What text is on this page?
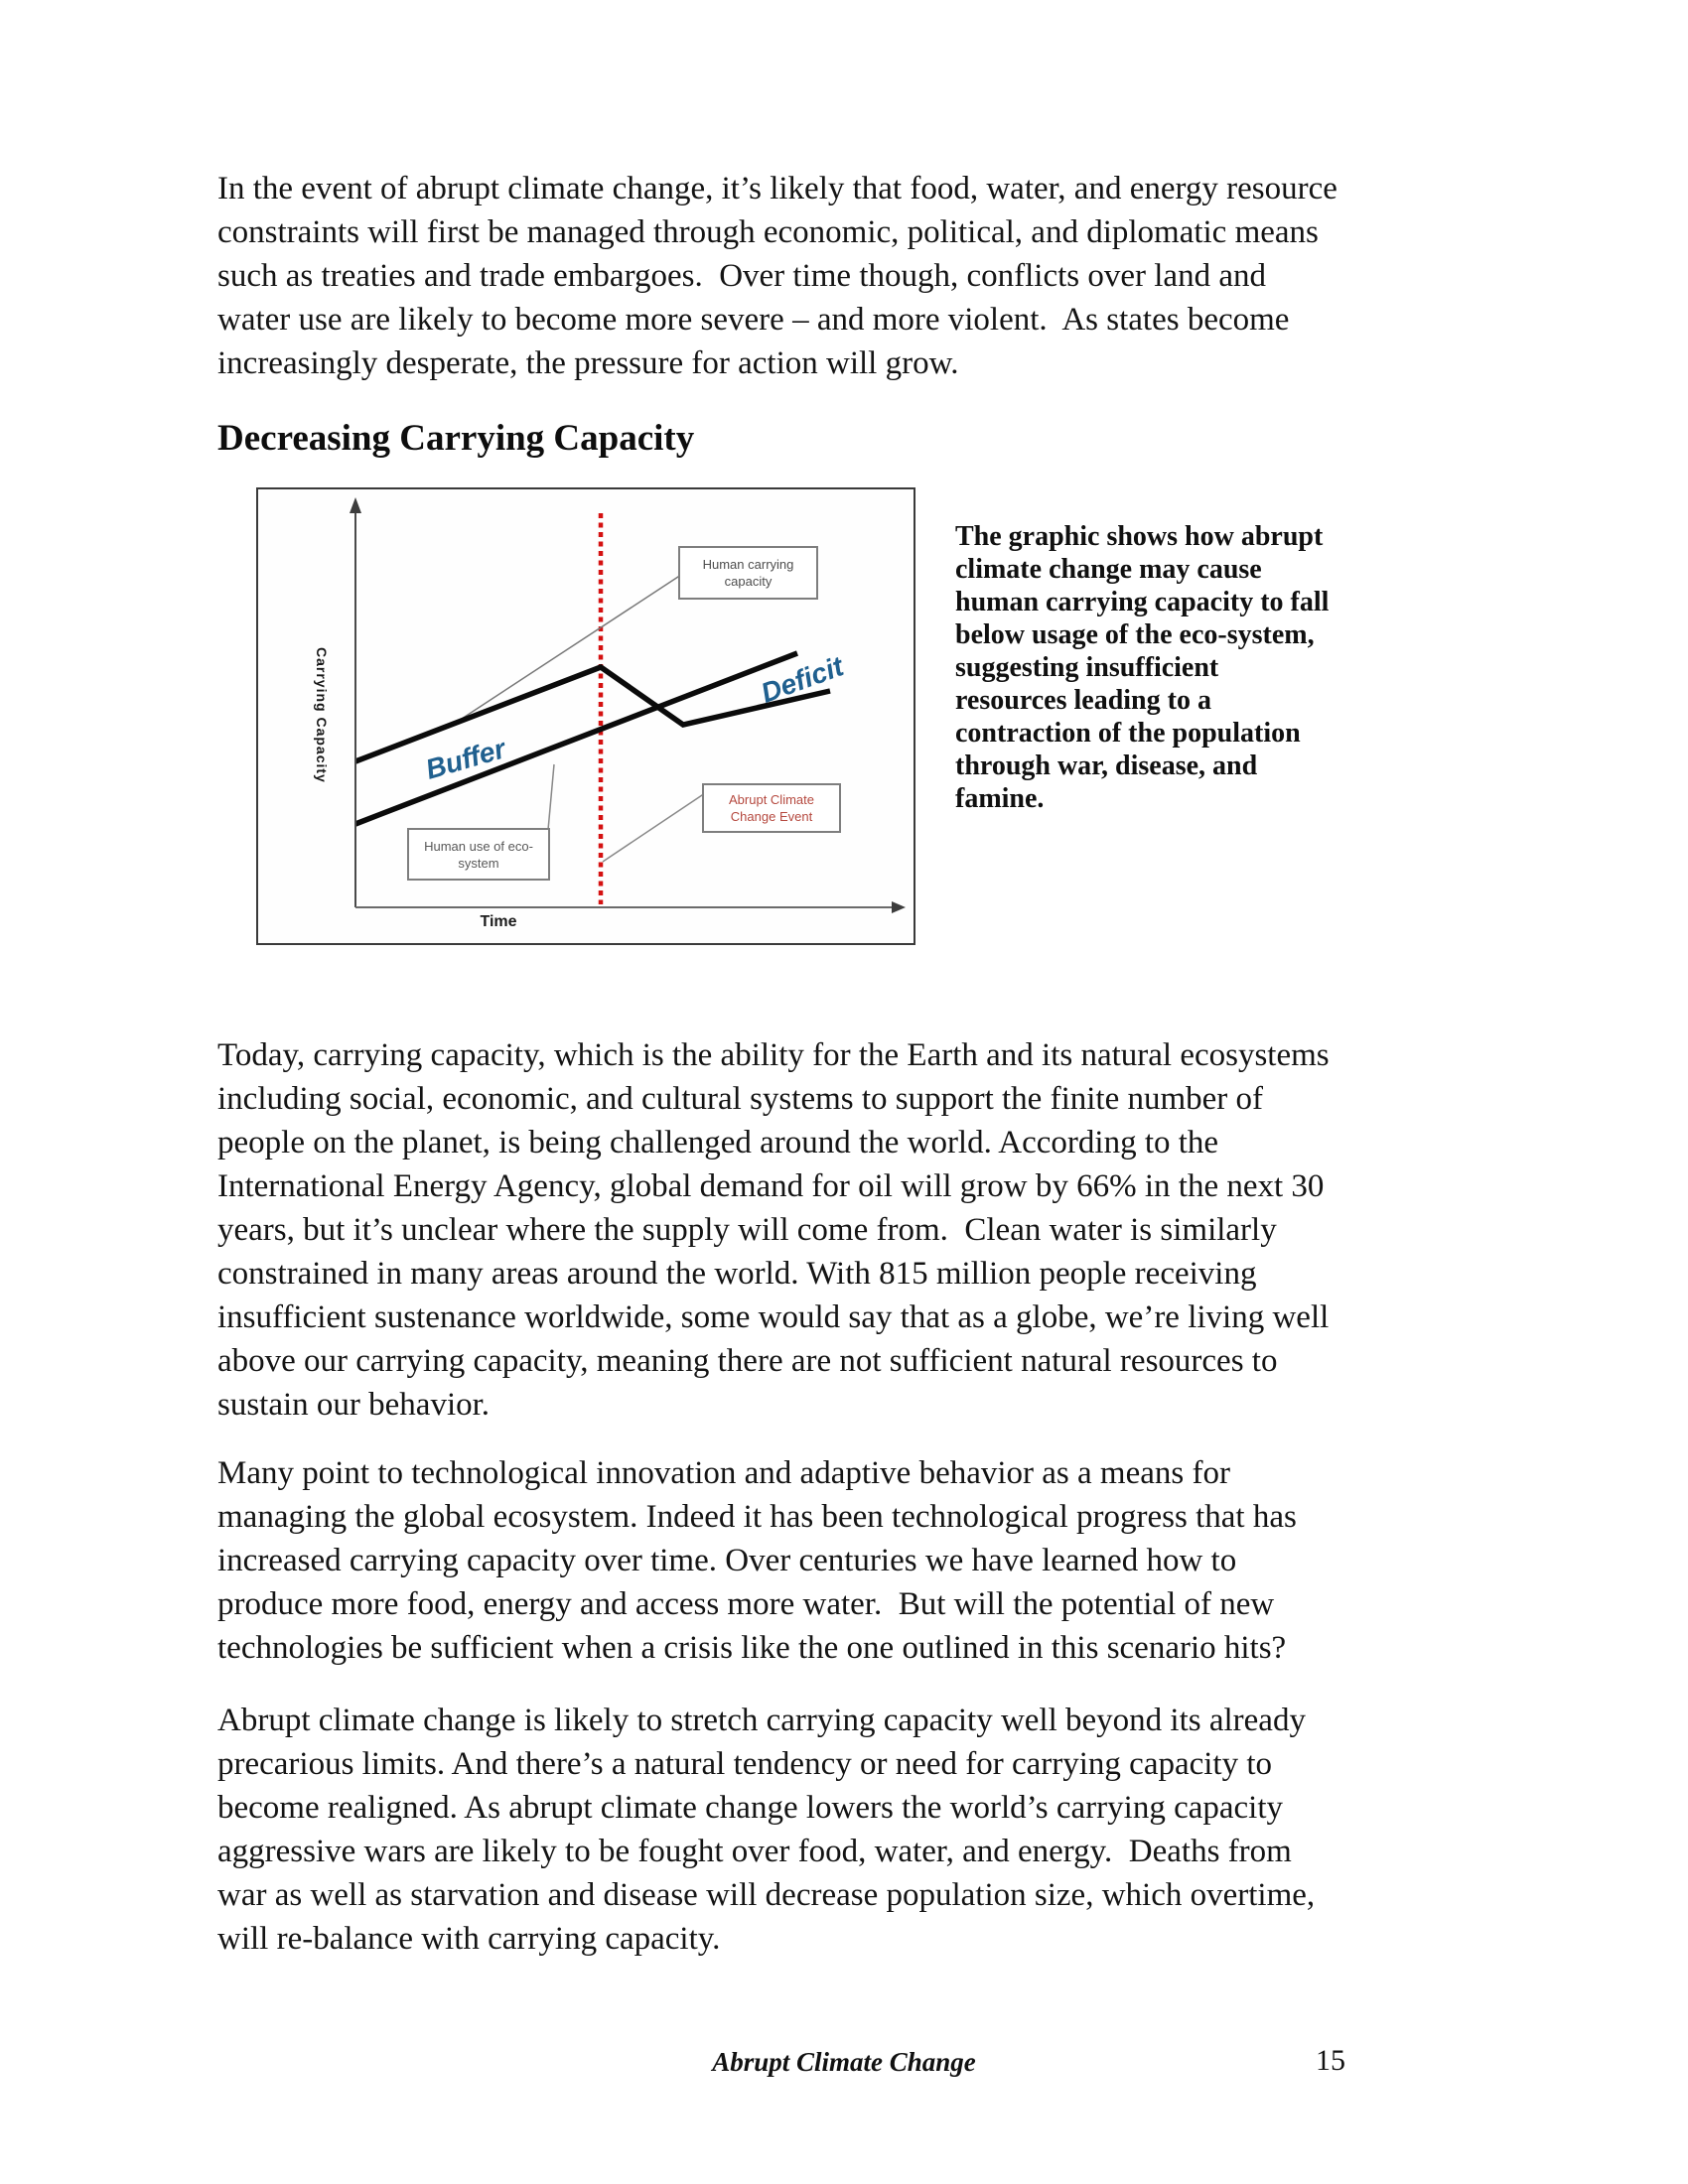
In the event of abrupt climate change, it’s likely that food, water, and energy resource
constraints will first be managed through economic, political, and diplomatic means
such as treaties and trade embargoes.  Over time though, conflicts over land and
water use are likely to become more severe – and more violent.  As states become
increasingly desperate, the pressure for action will grow.
Decreasing Carrying Capacity
Carrying Capacity
Time
Buffer
Deficit
Human carrying
capacity
Abrupt Climate
Change Event
Human use of eco-
system
The graphic shows how abrupt
climate change may cause
human carrying capacity to fall
below usage of the eco-system,
suggesting insufficient
resources leading to a
contraction of the population
through war, disease, and
famine.
Today, carrying capacity, which is the ability for the Earth and its natural ecosystems
including social, economic, and cultural systems to support the finite number of
people on the planet, is being challenged around the world. According to the
International Energy Agency, global demand for oil will grow by 66% in the next 30
years, but it’s unclear where the supply will come from.  Clean water is similarly
constrained in many areas around the world. With 815 million people receiving
insufficient sustenance worldwide, some would say that as a globe, we’re living well
above our carrying capacity, meaning there are not sufficient natural resources to
sustain our behavior.
Many point to technological innovation and adaptive behavior as a means for
managing the global ecosystem. Indeed it has been technological progress that has
increased carrying capacity over time. Over centuries we have learned how to
produce more food, energy and access more water.  But will the potential of new
technologies be sufficient when a crisis like the one outlined in this scenario hits?
Abrupt climate change is likely to stretch carrying capacity well beyond its already
precarious limits. And there’s a natural tendency or need for carrying capacity to
become realigned. As abrupt climate change lowers the world’s carrying capacity
aggressive wars are likely to be fought over food, water, and energy.  Deaths from
war as well as starvation and disease will decrease population size, which overtime,
will re-balance with carrying capacity.
Abrupt Climate Change	15
